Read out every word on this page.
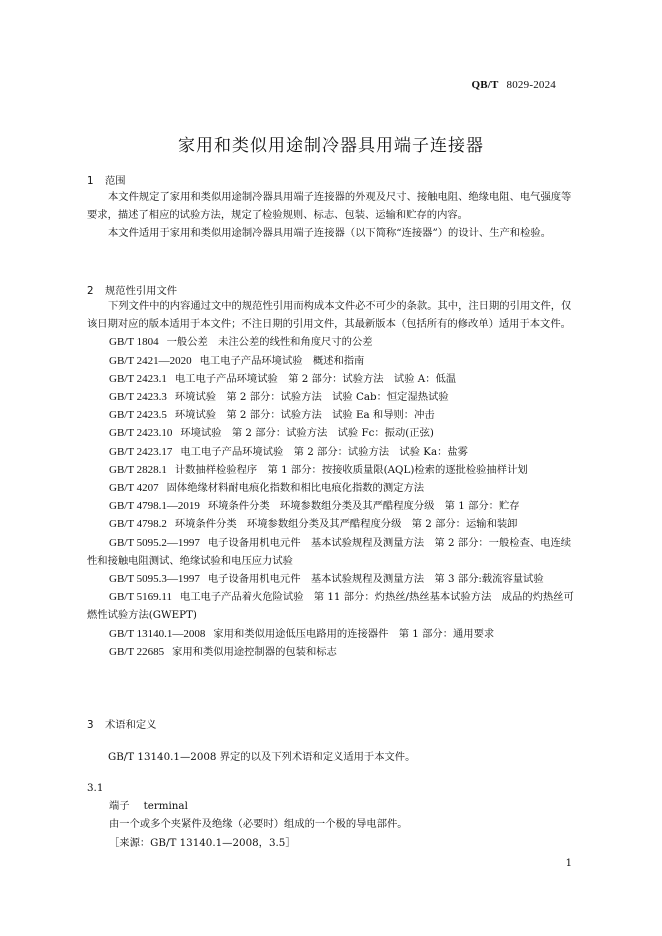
QB/T 8029-2024
家用和类似用途制冷器具用端子连接器
1 范围

本文件规定了家用和类似用途制冷器具用端子连接器的外观及尺寸、接触电阻、绝缘电阻、电气强度等要求，描述了相应的试验方法，规定了检验规则、标志、包装、运输和贮存的内容。

本文件适用于家用和类似用途制冷器具用端子连接器（以下简称“连接器”）的设计、生产和检验。

2 规范性引用文件

下列文件中的内容通过文中的规范性引用而构成本文件必不可少的条款。其中，注日期的引用文件，仅该日期对应的版本适用于本文件；不注日期的引用文件，其最新版本（包括所有的修改单）适用于本文件。

GB/T 1804 一般公差　未注公差的线性和角度尺寸的公差

GB/T 2421—2020 电工电子产品环境试验　概述和指南

GB/T 2423.1 电工电子产品环境试验　第 2 部分：试验方法　试验 A：低温

GB/T 2423.3 环境试验　第 2 部分：试验方法　试验 Cab：恒定湿热试验

GB/T 2423.5 环境试验　第 2 部分：试验方法　试验 Ea 和导则：冲击

GB/T 2423.10 环境试验　第 2 部分：试验方法　试验 Fc：振动(正弦)

GB/T 2423.17 电工电子产品环境试验　第 2 部分：试验方法　试验 Ka：盐雾

GB/T 2828.1 计数抽样检验程序　第 1 部分：按接收质量限(AQL)检索的逐批检验抽样计划

GB/T 4207 固体绝缘材料耐电痕化指数和相比电痕化指数的测定方法

GB/T 4798.1—2019 环境条件分类　环境参数组分类及其严酷程度分级　第 1 部分：贮存

GB/T 4798.2 环境条件分类　环境参数组分类及其严酷程度分级　第 2 部分：运输和装卸

GB/T 5095.2—1997 电子设备用机电元件　基本试验规程及测量方法　第 2 部分：一般检查、电连续性和接触电阻测试、绝缘试验和电压应力试验

GB/T 5095.3—1997 电子设备用机电元件　基本试验规程及测量方法　第 3 部分:载流容量试验

GB/T 5169.11 电工电子产品着火危险试验　第 11 部分：灼热丝/热丝基本试验方法　成品的灼热丝可燃性试验方法(GWEPT)

GB/T 13140.1—2008 家用和类似用途低压电路用的连接器件　第 1 部分：通用要求

GB/T 22685 家用和类似用途控制器的包装和标志

3 术语和定义

GB/T 13140.1—2008 界定的以及下列术语和定义适用于本文件。

3.1

端子 terminal

由一个或多个夹紧件及绝缘（必要时）组成的一个极的导电部件。

［来源：GB/T 13140.1—2008，3.5］

1
